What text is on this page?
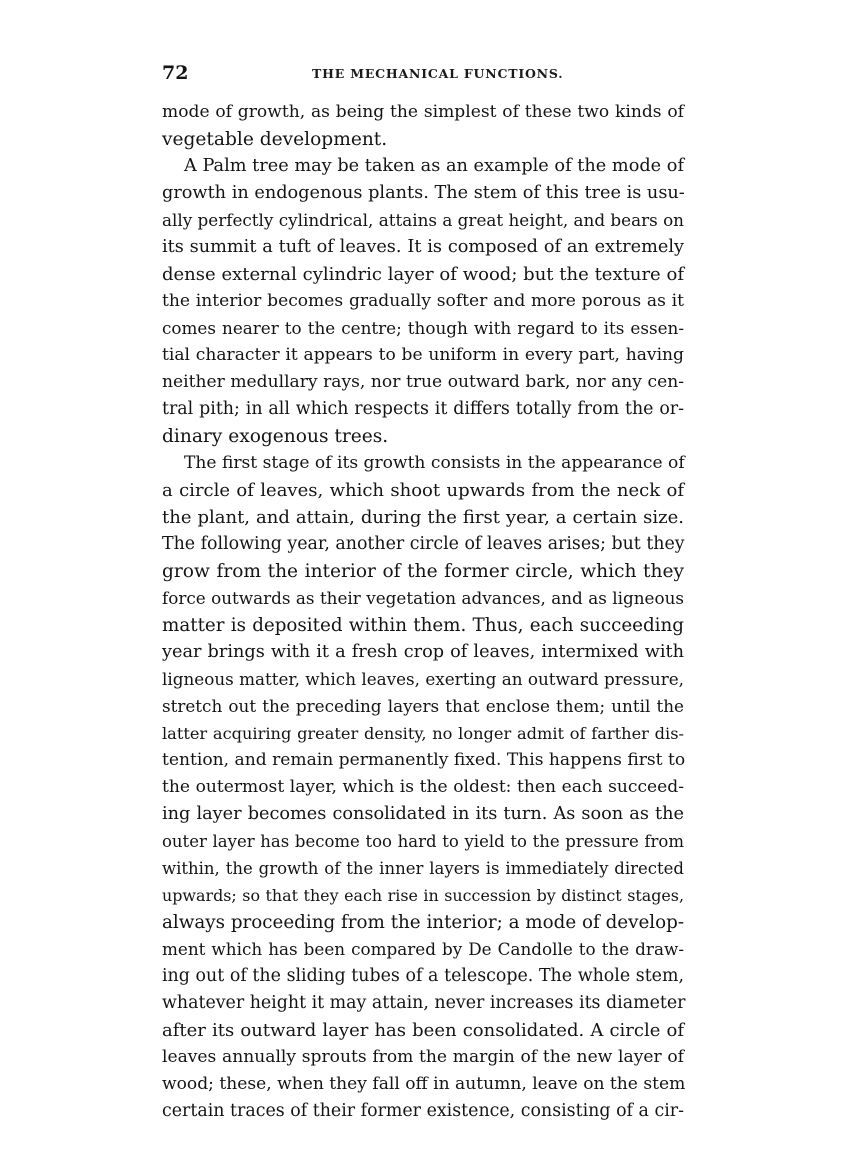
72	THE MECHANICAL FUNCTIONS.
mode of growth, as being the simplest of these two kinds of
vegetable development.
A Palm tree may be taken as an example of the mode of
growth in endogenous plants. The stem of this tree is usu-
ally perfectly cylindrical, attains a great height, and bears on
its summit a tuft of leaves. It is composed of an extremely
dense external cylindric layer of wood; but the texture of
the interior becomes gradually softer and more porous as it
comes nearer to the centre; though with regard to its essen-
tial character it appears to be uniform in every part, having
neither medullary rays, nor true outward bark, nor any cen-
tral pith; in all which respects it differs totally from the or-
dinary exogenous trees.
The first stage of its growth consists in the appearance of
a circle of leaves, which shoot upwards from the neck of
the plant, and attain, during the first year, a certain size.
The following year, another circle of leaves arises; but they
grow from the interior of the former circle, which they
force outwards as their vegetation advances, and as ligneous
matter is deposited within them. Thus, each succeeding
year brings with it a fresh crop of leaves, intermixed with
ligneous matter, which leaves, exerting an outward pressure,
stretch out the preceding layers that enclose them; until the
latter acquiring greater density, no longer admit of farther dis-
tention, and remain permanently fixed. This happens first to
the outermost layer, which is the oldest: then each succeed-
ing layer becomes consolidated in its turn. As soon as the
outer layer has become too hard to yield to the pressure from
within, the growth of the inner layers is immediately directed
upwards; so that they each rise in succession by distinct stages,
always proceeding from the interior; a mode of develop-
ment which has been compared by De Candolle to the draw-
ing out of the sliding tubes of a telescope. The whole stem,
whatever height it may attain, never increases its diameter
after its outward layer has been consolidated. A circle of
leaves annually sprouts from the margin of the new layer of
wood; these, when they fall off in autumn, leave on the stem
certain traces of their former existence, consisting of a cir-
